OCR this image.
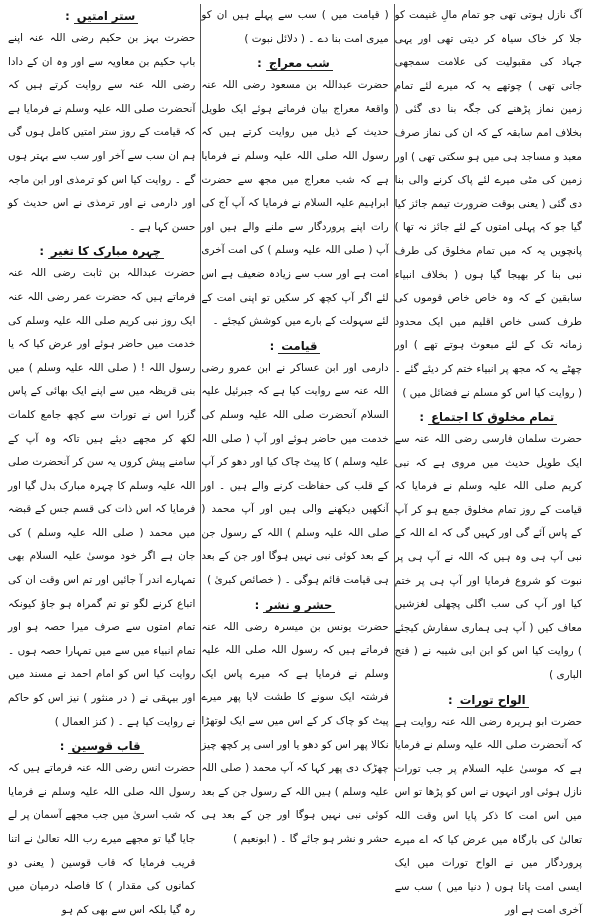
آگ نازل ہوتی تھی جو تمام مالِ غنیمت کو جلا کر خاک سیاہ کر دیتی تھی اور یہی جہاد کی مقبولیت کی علامت سمجھی جاتی تھی ) چوتھے یہ کہ میرے لئے تمام زمین نماز پڑھنے کی جگہ بنا دی گئی ( بخلاف امم سابقہ کے کہ ان کی نماز صرف معبد و مساجد ہی میں ہو سکتی تھی ) اور زمین کی مٹی میرے لئے پاک کرنے والی بنا دی گئی ( یعنی بوقت ضرورت تیمم جائز کیا گیا جو کہ پہلی امتوں کے لئے جائز نہ تھا ) پانچویں یہ کہ میں تمام مخلوق کی طرف نبی بنا کر بھیجا گیا ہوں ( بخلاف انبیاء سابقین کے کہ وہ خاص خاص قوموں کی طرف کسی خاص اقلیم میں ایک محدود زمانہ تک کے لئے مبعوث ہوتے تھے ) اور چھٹے یہ کہ مجھ پر انبیاء ختم کر دیئے گئے ۔ ( روایت کیا اس کو مسلم نے فضائل میں )

تمام مخلوق کا اجتماع :

حضرت سلمان فارسی رضی اللہ عنہ سے ایک طویل حدیث میں مروی ہے کہ نبی کریم صلی اللہ علیہ وسلم نے فرمایا کہ قیامت کے روز تمام مخلوق جمع ہو کر آپ کے پاس آئے گی اور کہیں گی کہ اے اللہ کے نبی آپ ہی وہ ہیں کہ اللہ نے آپ ہی پر نبوت کو شروع فرمایا اور آپ ہی پر ختم کیا اور آپ کی سب اگلی پچھلی لغزشیں معاف کیں ( آپ ہی ہماری سفارش کیجئے ) روایت کیا اس کو ابن ابی شیبہ نے ( فتح الباری )

الواح تورات :

حضرت ابو ہریرہ رضی اللہ عنہ روایت ہے کہ آنحضرت صلی اللہ علیہ وسلم نے فرمایا ہے کہ موسیٰ علیہ السلام پر جب تورات نازل ہوئی اور انہوں نے اس کو پڑھا تو اس میں اس امت کا ذکر پایا اس وقت اللہ تعالیٰ کی بارگاہ میں عرض کیا کہ اے میرے پروردگار میں نے الواح تورات میں ایک ایسی امت پاتا ہوں ( دنیا میں ) سب سے آخری امت ہے اور

( قیامت میں ) سب سے پہلے ہیں ان کو میری امت بنا دے ۔ ( دلائل نبوت )

شب معراج :

حضرت عبداللہ بن مسعود رضی اللہ عنہ واقعۂ معراج بیان فرماتے ہوئے ایک طویل حدیث کے ذیل میں روایت کرتے ہیں کہ رسول اللہ صلی اللہ علیہ وسلم نے فرمایا ہے کہ شب معراج میں مجھ سے حضرت ابراہیم علیہ السلام نے فرمایا کہ آپ آج کی رات اپنے پروردگار سے ملنے والے ہیں اور آپ ( صلی اللہ علیہ وسلم ) کی امت آخری امت ہے اور سب سے زیادہ ضعیف ہے اس لئے اگر آپ کچھ کر سکیں تو اپنی امت کے لئے سہولت کے بارے میں کوشش کیجئے ۔

قیامت :

دارمی اور ابن عساکر نے ابن عمرو رضی اللہ عنہ سے روایت کیا ہے کہ جبرئیل علیہ السلام آنحضرت صلی اللہ علیہ وسلم کی خدمت میں حاضر ہوئے اور آپ ( صلی اللہ علیہ وسلم ) کا پیٹ چاک کیا اور دھو کر آپ کے قلب کی حفاظت کرنے والے ہیں ۔ اور آنکھیں دیکھنے والی ہیں اور آپ محمد ( صلی اللہ علیہ وسلم ) اللہ کے رسول جن کے بعد کوئی نبی نہیں ہوگا اور جن کے بعد ہی قیامت قائم ہوگی ۔ ( خصائص کبریٰ )

حشر و نشر :

حضرت یونس بن میسرہ رضی اللہ عنہ فرماتے ہیں کہ رسول اللہ صلی اللہ علیہ وسلم نے فرمایا ہے کہ میرے پاس ایک فرشتہ ایک سونے کا طشت لایا پھر میرے پیٹ کو چاک کر کے اس میں سے ایک لوتھڑا نکالا پھر اس کو دھو یا اور اسی پر کچھ چیز چھڑک دی پھر کہا کہ آپ محمد ( صلی اللہ علیہ وسلم ) ہیں اللہ کے رسول جن کے بعد کوئی نبی نہیں ہوگا اور جن کے بعد ہی حشر و نشر ہو جائے گا ۔ ( ابونعیم )

ستر امتیں :

حضرت بہز بن حکیم رضی اللہ عنہ اپنے باپ حکیم بن معاویہ سے اور وہ ان کے دادا رضی اللہ عنہ سے روایت کرتے ہیں کہ آنحضرت صلی اللہ علیہ وسلم نے فرمایا ہے کہ قیامت کے روز ستر امتیں کامل ہوں گی ہم ان سب سے آخر اور سب سے بہتر ہوں گے ۔ روایت کیا اس کو ترمذی اور ابن ماجہ اور دارمی نے اور ترمذی نے اس حدیث کو حسن کہا ہے ۔

چہرہ مبارک کا تغیر :

حضرت عبداللہ بن ثابت رضی اللہ عنہ فرماتے ہیں کہ حضرت عمر رضی اللہ عنہ ایک روز نبی کریم صلی اللہ علیہ وسلم کی خدمت میں حاضر ہوئے اور عرض کیا کہ یا رسول اللہ ! ( صلی اللہ علیہ وسلم ) میں بنی قریظہ میں سے اپنے ایک بھائی کے پاس گزرا اس نے تورات سے کچھ جامع کلمات لکھ کر مجھے دیئے ہیں تاکہ وہ آپ کے سامنے پیش کروں یہ سن کر آنحضرت صلی اللہ علیہ وسلم کا چہرہ مبارک بدل گیا اور فرمایا کہ اس ذات کی قسم جس کے قبضہ میں محمد ( صلی اللہ علیہ وسلم ) کی جان ہے اگر خود موسیٰ علیہ السلام بھی تمہارے اندر آ جائیں اور تم اس وقت ان کی اتباع کرنے لگو تو تم گمراہ ہو جاؤ کیونکہ تمام امتوں سے صرف میرا حصہ ہو اور تمام انبیاء میں سے میں تمہارا حصہ ہوں ۔ روایت کیا اس کو امام احمد نے مسند میں اور بیہقی نے ( در منثور ) نیز اس کو حاکم نے روایت کیا ہے ۔ ( کنز العمال )

قاب قوسین :

حضرت انس رضی اللہ عنہ فرماتے ہیں کہ رسول اللہ صلی اللہ علیہ وسلم نے فرمایا کہ شب اسریٰ میں جب مجھے آسمان پر لے جایا گیا تو مجھے میرے رب اللہ تعالیٰ نے اتنا قریب فرمایا کہ قاب قوسین ( یعنی دو کمانوں کی مقدار ) کا فاصلہ درمیان میں رہ گیا بلکہ اس سے بھی کم ہو
